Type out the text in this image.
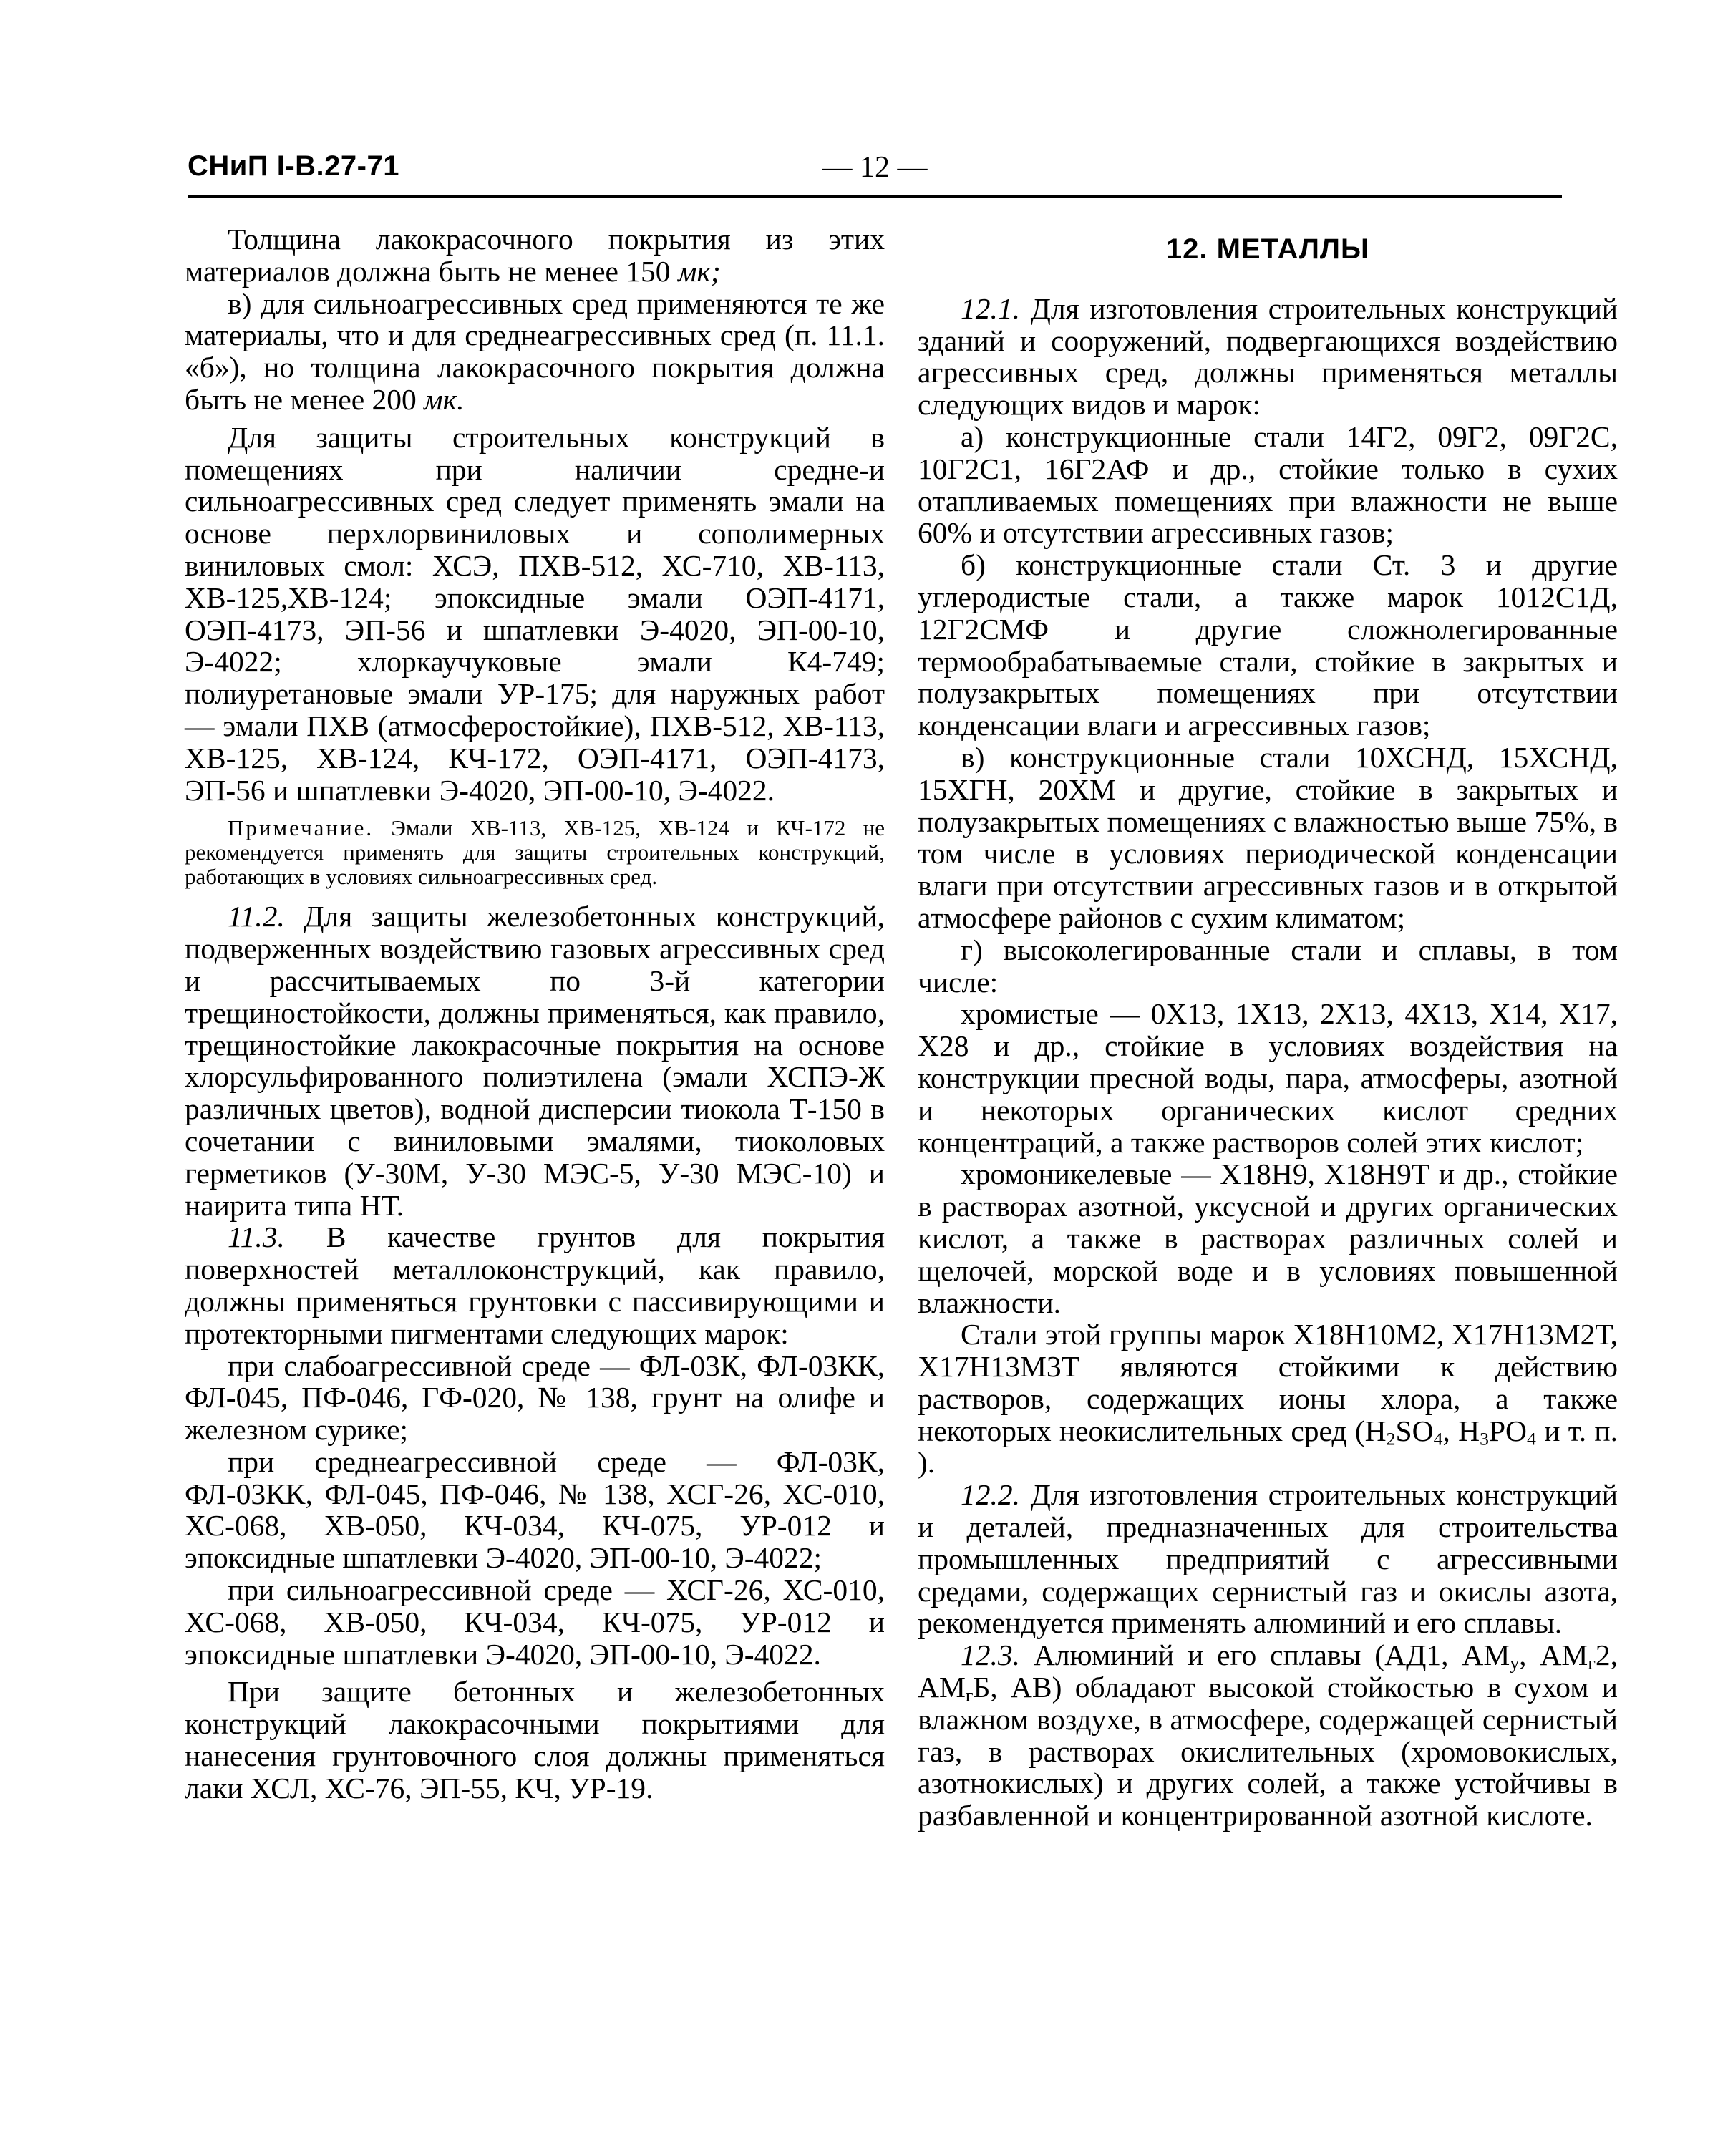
СНиП I-В.27-71	— 12 —

Толщина лакокрасочного покрытия из этих материалов должна быть не менее 150 мк;

в) для сильноагрессивных сред применяются те же материалы, что и для среднеагрессивных сред (п. 11.1. «б»), но толщина лакокрасочного покрытия должна быть не менее 200 мк.

Для защиты строительных конструкций в помещениях при наличии средне-и сильноагрессивных сред следует применять эмали на основе перхлорвиниловых и сополимерных виниловых смол: ХСЭ, ПХВ-512, ХС-710, ХВ-113, ХВ-125,ХВ-124; эпоксидные эмали ОЭП-4171, ОЭП-4173, ЭП-56 и шпатлевки Э-4020, ЭП-00-10, Э-4022; хлоркаучуковые эмали К4-749; полиуретановые эмали УР-175; для наружных работ — эмали ПХВ (атмосферостойкие), ПХВ-512, ХВ-113, ХВ-125, ХВ-124, КЧ-172, ОЭП-4171, ОЭП-4173, ЭП-56 и шпатлевки Э-4020, ЭП-00-10, Э-4022.

Примечание. Эмали ХВ-113, ХВ-125, ХВ-124 и КЧ-172 не рекомендуется применять для защиты строительных конструкций, работающих в условиях сильноагрессивных сред.

11.2. Для защиты железобетонных конструкций, подверженных воздействию газовых агрессивных сред и рассчитываемых по 3-й категории трещиностойкости, должны применяться, как правило, трещиностойкие лакокрасочные покрытия на основе хлорсульфированного полиэтилена (эмали ХСПЭ-Ж различных цветов), водной дисперсии тиокола Т-150 в сочетании с виниловыми эмалями, тиоколовых герметиков (У-30М, У-30 МЭС-5, У-30 МЭС-10) и наирита типа НТ.

11.3. В качестве грунтов для покрытия поверхностей металлоконструкций, как правило, должны применяться грунтовки с пассивирующими и протекторными пигментами следующих марок:

при слабоагрессивной среде — ФЛ-03К, ФЛ-03КК, ФЛ-045, ПФ-046, ГФ-020, № 138, грунт на олифе и железном сурике;

при среднеагрессивной среде — ФЛ-03К, ФЛ-03КК, ФЛ-045, ПФ-046, № 138, ХСГ-26, ХС-010, ХС-068, ХВ-050, КЧ-034, КЧ-075, УР-012 и эпоксидные шпатлевки Э-4020, ЭП-00-10, Э-4022;

при сильноагрессивной среде — ХСГ-26, ХС-010, ХС-068, ХВ-050, КЧ-034, КЧ-075, УР-012 и эпоксидные шпатлевки Э-4020, ЭП-00-10, Э-4022.

При защите бетонных и железобетонных конструкций лакокрасочными покрытиями для нанесения грунтовочного слоя должны применяться лаки ХСЛ, ХС-76, ЭП-55, КЧ, УР-19.

12. МЕТАЛЛЫ

12.1. Для изготовления строительных конструкций зданий и сооружений, подвергающихся воздействию агрессивных сред, должны применяться металлы следующих видов и марок:

а) конструкционные стали 14Г2, 09Г2, 09Г2С, 10Г2С1, 16Г2АФ и др., стойкие только в сухих отапливаемых помещениях при влажности не выше 60% и отсутствии агрессивных газов;

б) конструкционные стали Ст. 3 и другие углеродистые стали, а также марок 1012С1Д, 12Г2СМФ и другие сложнолегированные термообрабатываемые стали, стойкие в закрытых и полузакрытых помещениях при отсутствии конденсации влаги и агрессивных газов;

в) конструкционные стали 10ХСНД, 15ХСНД, 15ХГН, 20ХМ и другие, стойкие в закрытых и полузакрытых помещениях с влажностью выше 75%, в том числе в условиях периодической конденсации влаги при отсутствии агрессивных газов и в открытой атмосфере районов с сухим климатом;

г) высоколегированные стали и сплавы, в том числе:

хромистые — 0Х13, 1Х13, 2Х13, 4Х13, Х14, Х17, Х28 и др., стойкие в условиях воздействия на конструкции пресной воды, пара, атмосферы, азотной и некоторых органических кислот средних концентраций, а также растворов солей этих кислот;

хромоникелевые — Х18Н9, Х18Н9Т и др., стойкие в растворах азотной, уксусной и других органических кислот, а также в растворах различных солей и щелочей, морской воде и в условиях повышенной влажности.

Стали этой группы марок Х18Н10М2, Х17Н13М2Т, Х17Н13М3Т являются стойкими к действию растворов, содержащих ионы хлора, а также некоторых неокислительных сред ($H_2SO_4$, $H_3PO_4$ и т. п. ).

12.2. Для изготовления строительных конструкций и деталей, предназначенных для строительства промышленных предприятий с агрессивными средами, содержащих сернистый газ и окислы азота, рекомендуется применять алюминий и его сплавы.

12.3. Алюминий и его сплавы (АД1, $АМ_у$, $АМ_г2$, $АМ_гБ$, АВ) обладают высокой стойкостью в сухом и влажном воздухе, в атмосфере, содержащей сернистый газ, в растворах окислительных (хромовокислых, азотнокислых) и других солей, а также устойчивы в разбавленной и концентрированной азотной кислоте.
